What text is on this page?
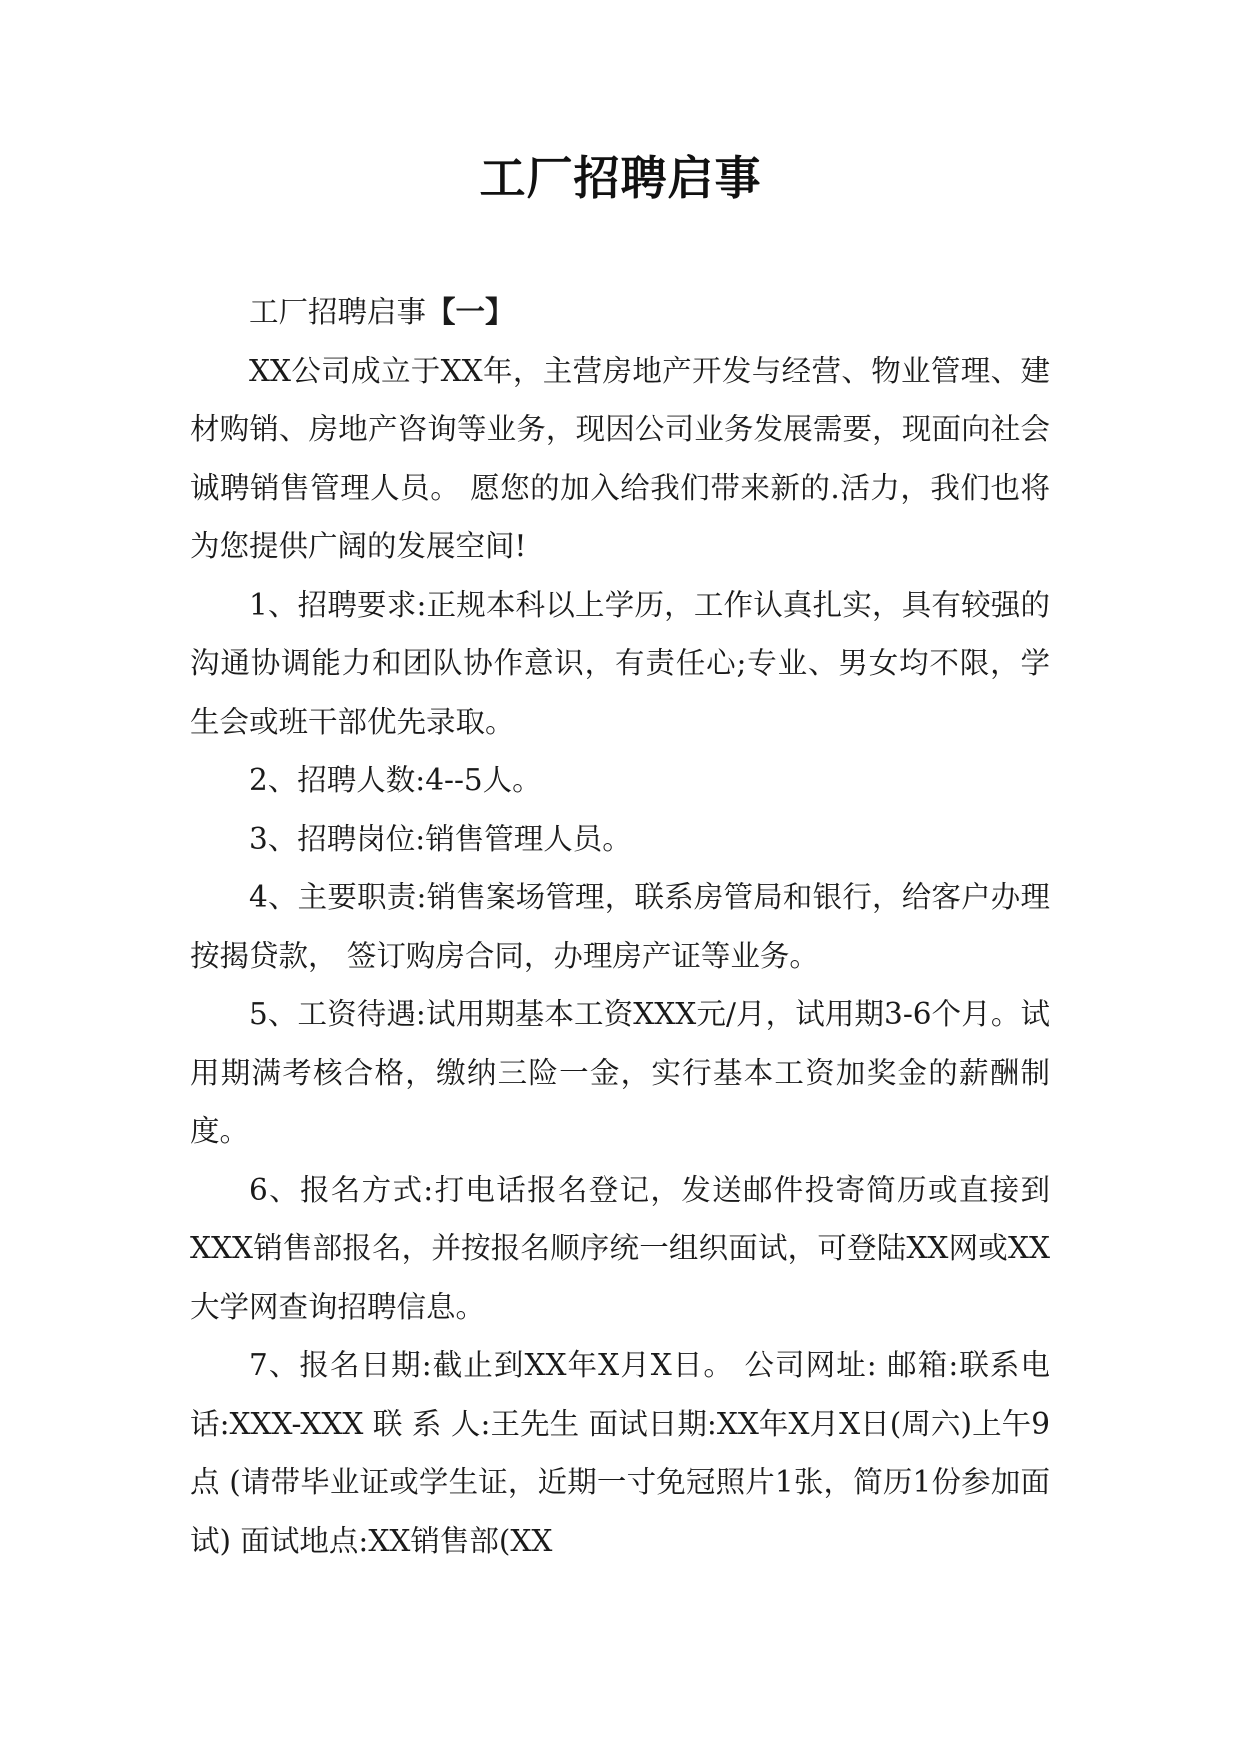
工厂招聘启事

工厂招聘启事【一】

XX公司成立于XX年，主营房地产开发与经营、物业管理、建材购销、房地产咨询等业务，现因公司业务发展需要，现面向社会诚聘销售管理人员。 愿您的加入给我们带来新的.活力，我们也将为您提供广阔的发展空间!

1、招聘要求:正规本科以上学历，工作认真扎实，具有较强的沟通协调能力和团队协作意识，有责任心;专业、男女均不限，学生会或班干部优先录取。

2、招聘人数:4--5人。

3、招聘岗位:销售管理人员。

4、主要职责:销售案场管理，联系房管局和银行，给客户办理按揭贷款， 签订购房合同，办理房产证等业务。

5、工资待遇:试用期基本工资XXX元/月，试用期3-6个月。试用期满考核合格，缴纳三险一金，实行基本工资加奖金的薪酬制度。

6、报名方式:打电话报名登记，发送邮件投寄简历或直接到XXX销售部报名，并按报名顺序统一组织面试，可登陆XX网或XX大学网查询招聘信息。

7、报名日期:截止到XX年X月X日。 公司网址: 邮箱:联系电话:XXX-XXX 联 系 人:王先生 面试日期:XX年X月X日(周六)上午9点 (请带毕业证或学生证，近期一寸免冠照片1张，简历1份参加面试) 面试地点:XX销售部(XX
